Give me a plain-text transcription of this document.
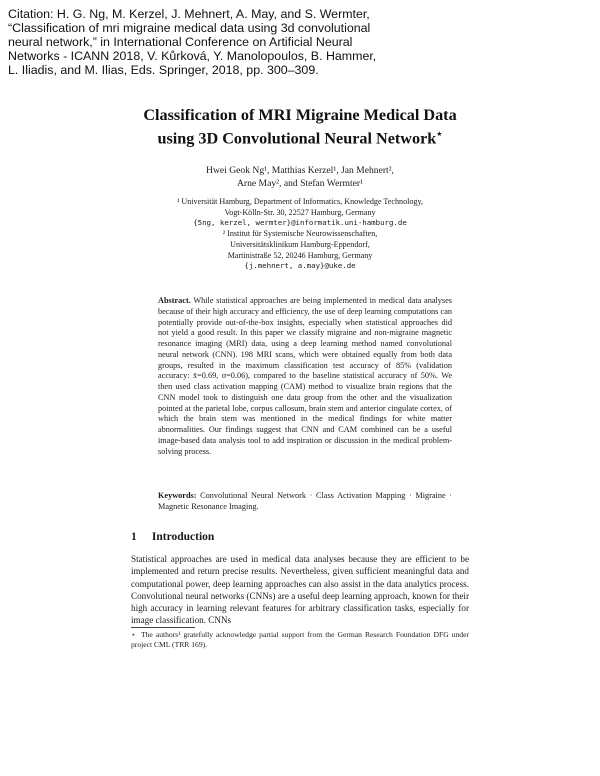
Citation: H. G. Ng, M. Kerzel, J. Mehnert, A. May, and S. Wermter,
“Classification of mri migraine medical data using 3d convolutional
neural network,” in International Conference on Artificial Neural
Networks - ICANN 2018, V. Kůrková, Y. Manolopoulos, B. Hammer,
L. Iliadis, and M. Ilias, Eds. Springer, 2018, pp. 300–309.
Classification of MRI Migraine Medical Data
using 3D Convolutional Neural Network⋆
Hwei Geok Ng¹, Matthias Kerzel¹, Jan Mehnert²,
Arne May², and Stefan Wermter¹
¹ Universität Hamburg, Department of Informatics, Knowledge Technology,
Vogt-Kölln-Str. 30, 22527 Hamburg, Germany
{5ng, kerzel, wermter}@informatik.uni-hamburg.de
² Institut für Systemische Neurowissenschaften,
Universitätsklinikum Hamburg-Eppendorf,
Martinistraße 52, 20246 Hamburg, Germany
{j.mehnert, a.may}@uke.de
Abstract. While statistical approaches are being implemented in medical data analyses because of their high accuracy and efficiency, the use of deep learning computations can potentially provide out-of-the-box insights, especially when statistical approaches did not yield a good result. In this paper we classify migraine and non-migraine magnetic resonance imaging (MRI) data, using a deep learning method named convolutional neural network (CNN). 198 MRI scans, which were obtained equally from both data groups, resulted in the maximum classification test accuracy of 85% (validation accuracy: x̄=0.69, σ=0.06), compared to the baseline statistical accuracy of 50%. We then used class activation mapping (CAM) method to visualize brain regions that the CNN model took to distinguish one data group from the other and the visualization pointed at the parietal lobe, corpus callosum, brain stem and anterior cingulate cortex, of which the brain stem was mentioned in the medical findings for white matter abnormalities. Our findings suggest that CNN and CAM combined can be a useful image-based data analysis tool to add inspiration or discussion in the medical problem-solving process.
Keywords: Convolutional Neural Network · Class Activation Mapping · Migraine · Magnetic Resonance Imaging.
1 Introduction
Statistical approaches are used in medical data analyses because they are efficient to be implemented and return precise results. Nevertheless, given sufficient meaningful data and computational power, deep learning approaches can also assist in the data analytics process. Convolutional neural networks (CNNs) are a useful deep learning approach, known for their high accuracy in learning relevant features for arbitrary classification tasks, especially for image classification. CNNs
⋆ The authors¹ gratefully acknowledge partial support from the German Research Foundation DFG under project CML (TRR 169).
